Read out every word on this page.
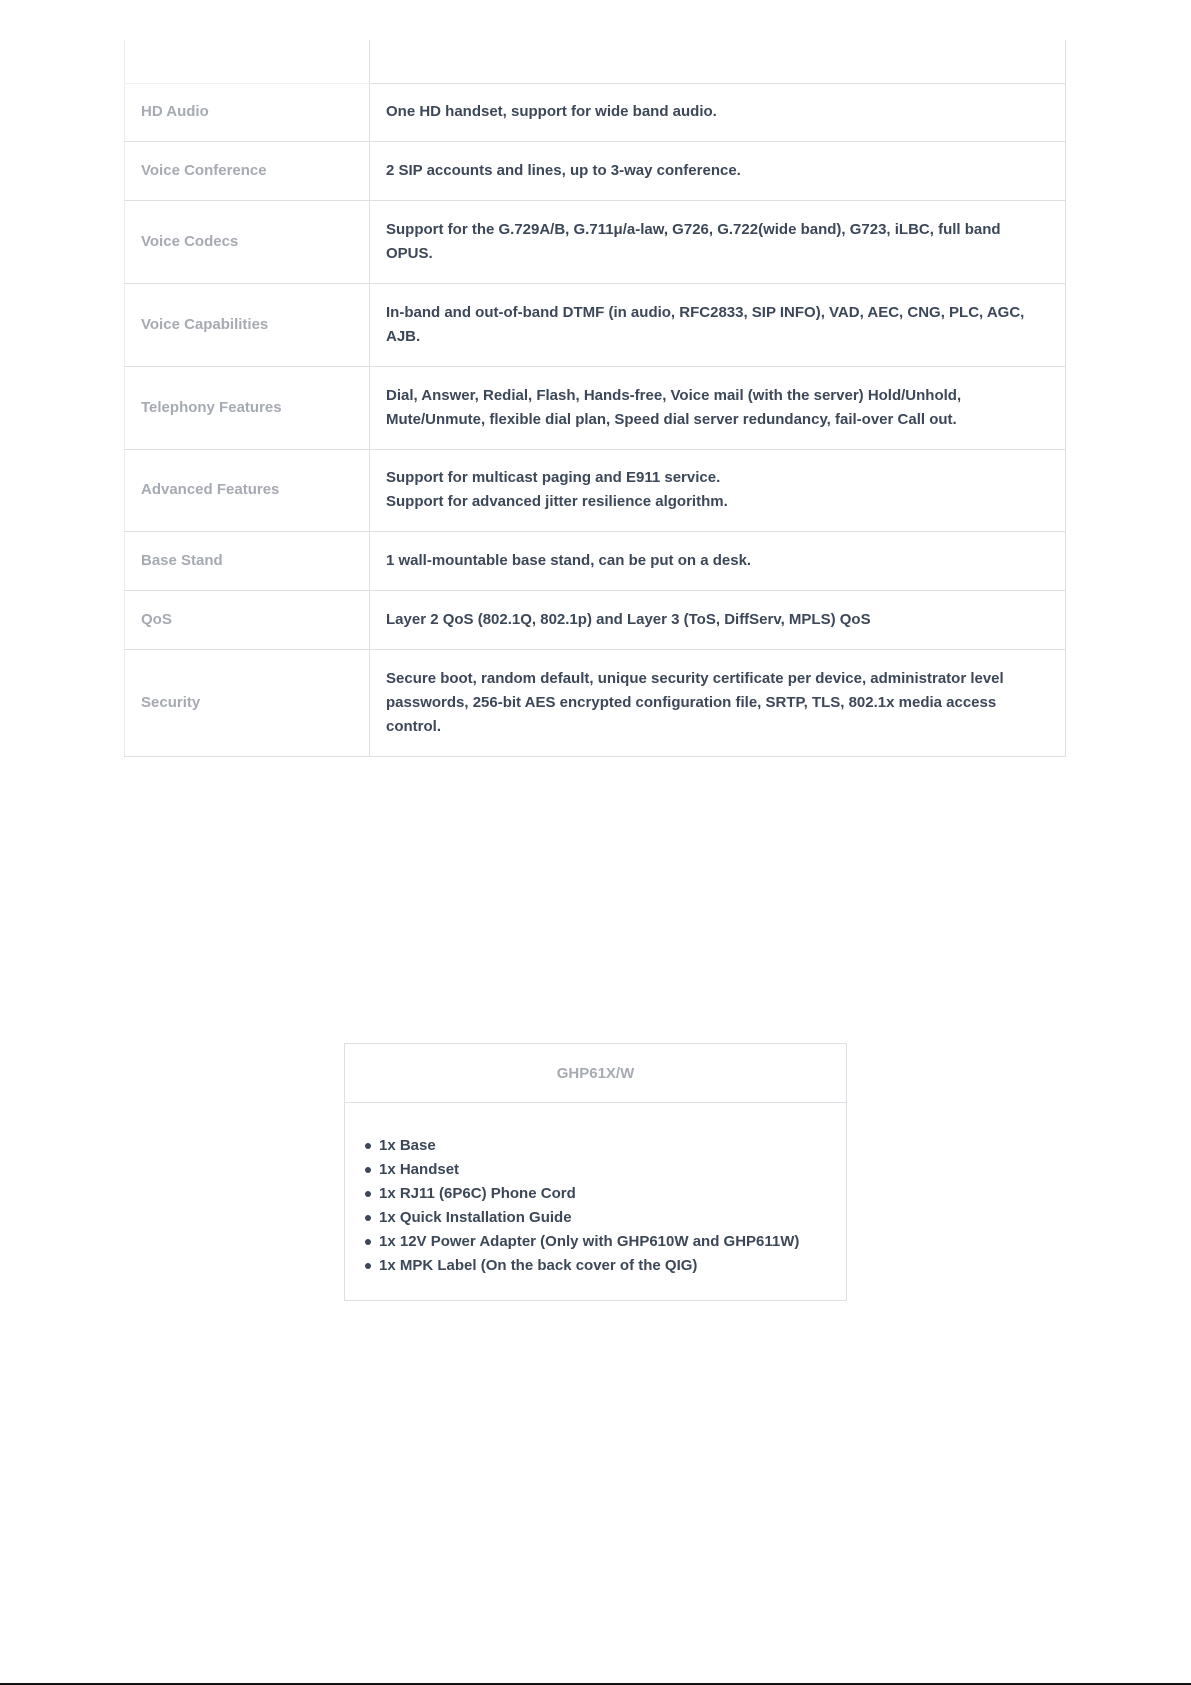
HD Audio	One HD handset, support for wide band audio.
Voice Conference	2 SIP accounts and lines, up to 3-way conference.
Voice Codecs	Support for the G.729A/B, G.711μ/a-law, G726, G.722(wide band), G723, iLBC, full band OPUS.
Voice Capabilities	In-band and out-of-band DTMF (in audio, RFC2833, SIP INFO), VAD, AEC, CNG, PLC, AGC, AJB.
Telephony Features	Dial, Answer, Redial, Flash, Hands-free, Voice mail (with the server) Hold/Unhold, Mute/Unmute, flexible dial plan, Speed dial server redundancy, fail-over Call out.
Advanced Features	Support for multicast paging and E911 service.
Support for advanced jitter resilience algorithm.

Base Stand	1 wall-mountable base stand, can be put on a desk.
QoS	Layer 2 QoS (802.1Q, 802.1p) and Layer 3 (ToS, DiffServ, MPLS) QoS
Security	Secure boot, random default, unique security certificate per device, administrator level passwords, 256-bit AES encrypted configuration file, SRTP, TLS, 802.1x media access control.
GHP61X/W
1x Base
1x Handset
1x RJ11 (6P6C) Phone Cord
1x Quick Installation Guide
1x 12V Power Adapter (Only with GHP610W and GHP611W)
1x MPK Label (On the back cover of the QIG)
